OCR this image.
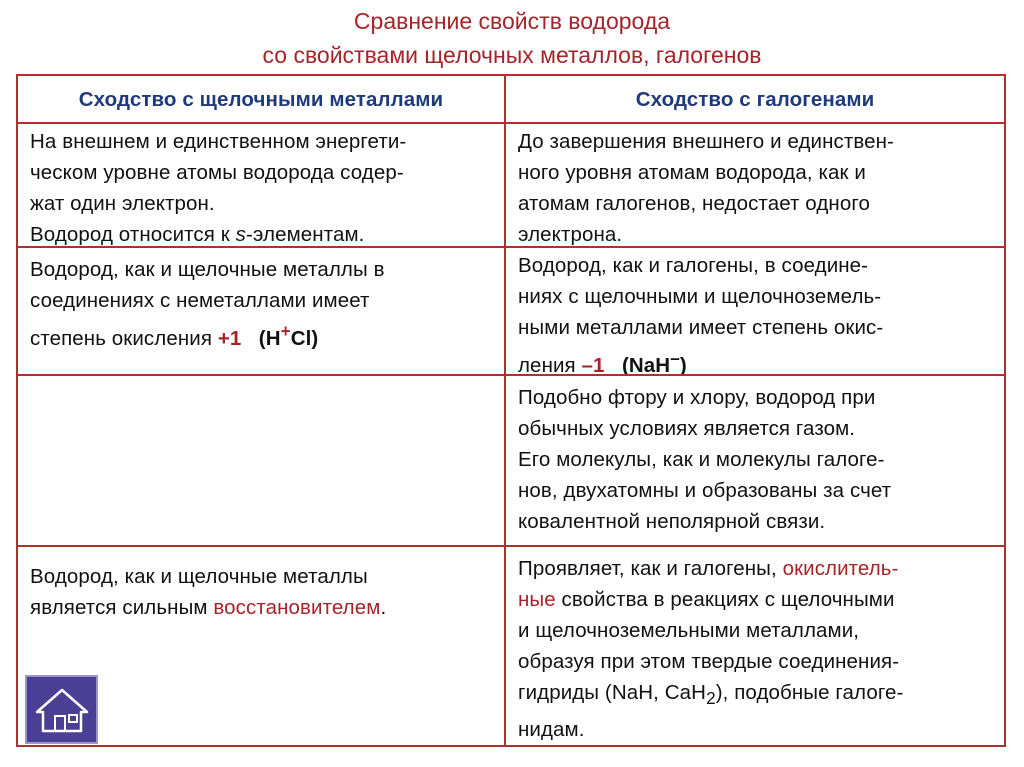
Сравнение свойств водорода
со свойствами щелочных металлов, галогенов
Сходство с щелочными металлами	Сходство с галогенами

На внешнем и единственном энергети-
ческом уровне атомы водорода содер-
жат один электрон.

Водород относится к s-элементам.

До завершения внешнего и единствен-
ного уровня атомам водорода, как и
атомам галогенов, недостает одного
электрона.

Водород, как и щелочные металлы в
соединениях с неметаллами имеет
степень окисления +1 (H+Cl)

Водород, как и галогены, в соедине-
ниях с щелочными и щелочноземель-
ными металлами имеет степень окис-
ления –1 (NaH–)

Подобно фтору и хлору, водород при
обычных условиях является газом.
Его молекулы, как и молекулы галоге-
нов, двухатомны и образованы за счет
ковалентной неполярной связи.

Водород, как и щелочные металлы
является сильным восстановителем.

Проявляет, как и галогены, окислитель-
ные свойства в реакциях с щелочными
и щелочноземельными металлами,
образуя при этом твердые соединения-
гидриды (NaH, CaH$_2$), подобные галоге-
нидам.
